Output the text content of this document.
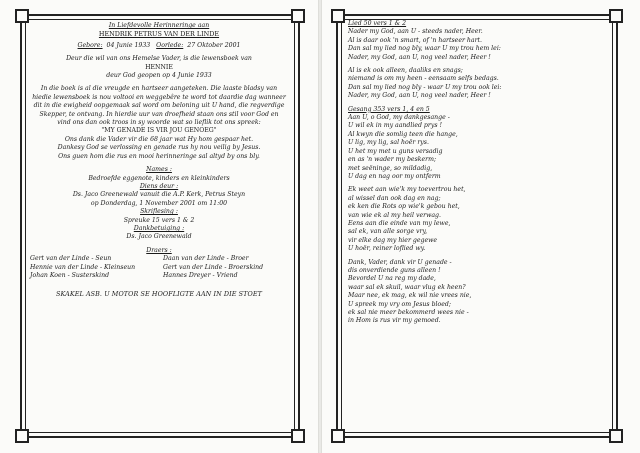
In Liefdevolle Herinneringe aan
HENDRIK PETRUS VAN DER LINDE
Gebore: 04 Junie 1933 Oorlede: 27 Oktober 2001
Deur die wil van ons Hemelse Vader, is die lewensboek van
HENNIE
deur God geopen op 4 Junie 1933
In die boek is al die vreugde en hartseer aangeteken. Die laaste bladsy van
hiedie lewensboek is nou voltooi en weggebêre te word tot daardie dag wanneer
dit in die ewigheid oopgemaak sal word om beloning uit U hand, die regverdige
Skepper, te ontvang. In hierdie uur van droefheid staan ons stil voor God en
vind ons dan ook troos in sy woorde wat so lieflik tot ons spreek:
"MY GENADE IS VIR JOU GENOEG"
Ons dank die Vader vir die 68 jaar wat Hy hom gespaar het.
Dankesy God se verlossing en genade rus hy nou veilig by Jesus.
Ons guen hom die rus en mooi herinneringe sal altyd by ons bly.
Names :
Bedroefde eggenote, kinders en kleinkinders
Diens deur :
Ds. Jaco Greenewald vanuit die A.P. Kerk, Petrus Steyn
op Donderdag, 1 November 2001 om 11:00
Skriflesing :
Spreuke 15 vers 1 & 2
Dankbetuiging :
Ds. Jaco Greenewald
Draers :
Gert van der Linde - Seun	Daan van der Linde - Broer
Hennie van der Linde - Kleinseun	Gert van der Linde - Broerskind
Johan Koen - Susterskind	Hannes Dreyer - Vriend
SKAKEL ASB. U MOTOR SE HOOFLIGTE AAN IN DIE STOET
Lied 50 vers 1 & 2
Nader my God, aan U - steeds nader, Heer.
Al is daar ook 'n smart, of 'n hartseer hart.
Dan sal my lied nog bly, waar U my trou hem lei:
Nader, my God, aan U, nog veel nader, Heer !
Al is ek ook alleen, daaliks en snags;
niemand is om my heen - eensaam selfs bedags.
Dan sal my lied nog bly - waar U my trou ook lei:
Nader, my God, aan U, nog veel nader, Heer !
Gesang 353 vers 1, 4 en 5
Aan U, o God, my dankgesange -
U wil ek in my aandlied prys !
Al kwyn die somlig teen die hange,
U lig, my lig, sal hoër rys.
U het my met u guns versadig
en as 'n wader my beskerm;
met seëninge, so mildadig,
U dag en nag oor my ontferm
Ek weet aan wie'k my toevertrou het,
al wissel dan ook dag en nag;
ek ken die Rots op wie'k gebou het,
van wie ek al my heil verwag.
Eens aan die einde van my lewe,
sal ek, van alle sorge vry,
vir elke dag my hier gegewe
U hoër, reiner loflied wy.
Dank, Vader, dank vir U genade -
dis onverdiende guns alleen !
Bevordel U na reg my dade,
waar sal ek skuil, waar vlug ek heen?
Maar nee, ek mag, ek wil nie vrees nie,
U spreek my vry om Jesus bloed;
ek sal nie meer bekommerd wees nie -
in Hom is rus vir my gemoed.
